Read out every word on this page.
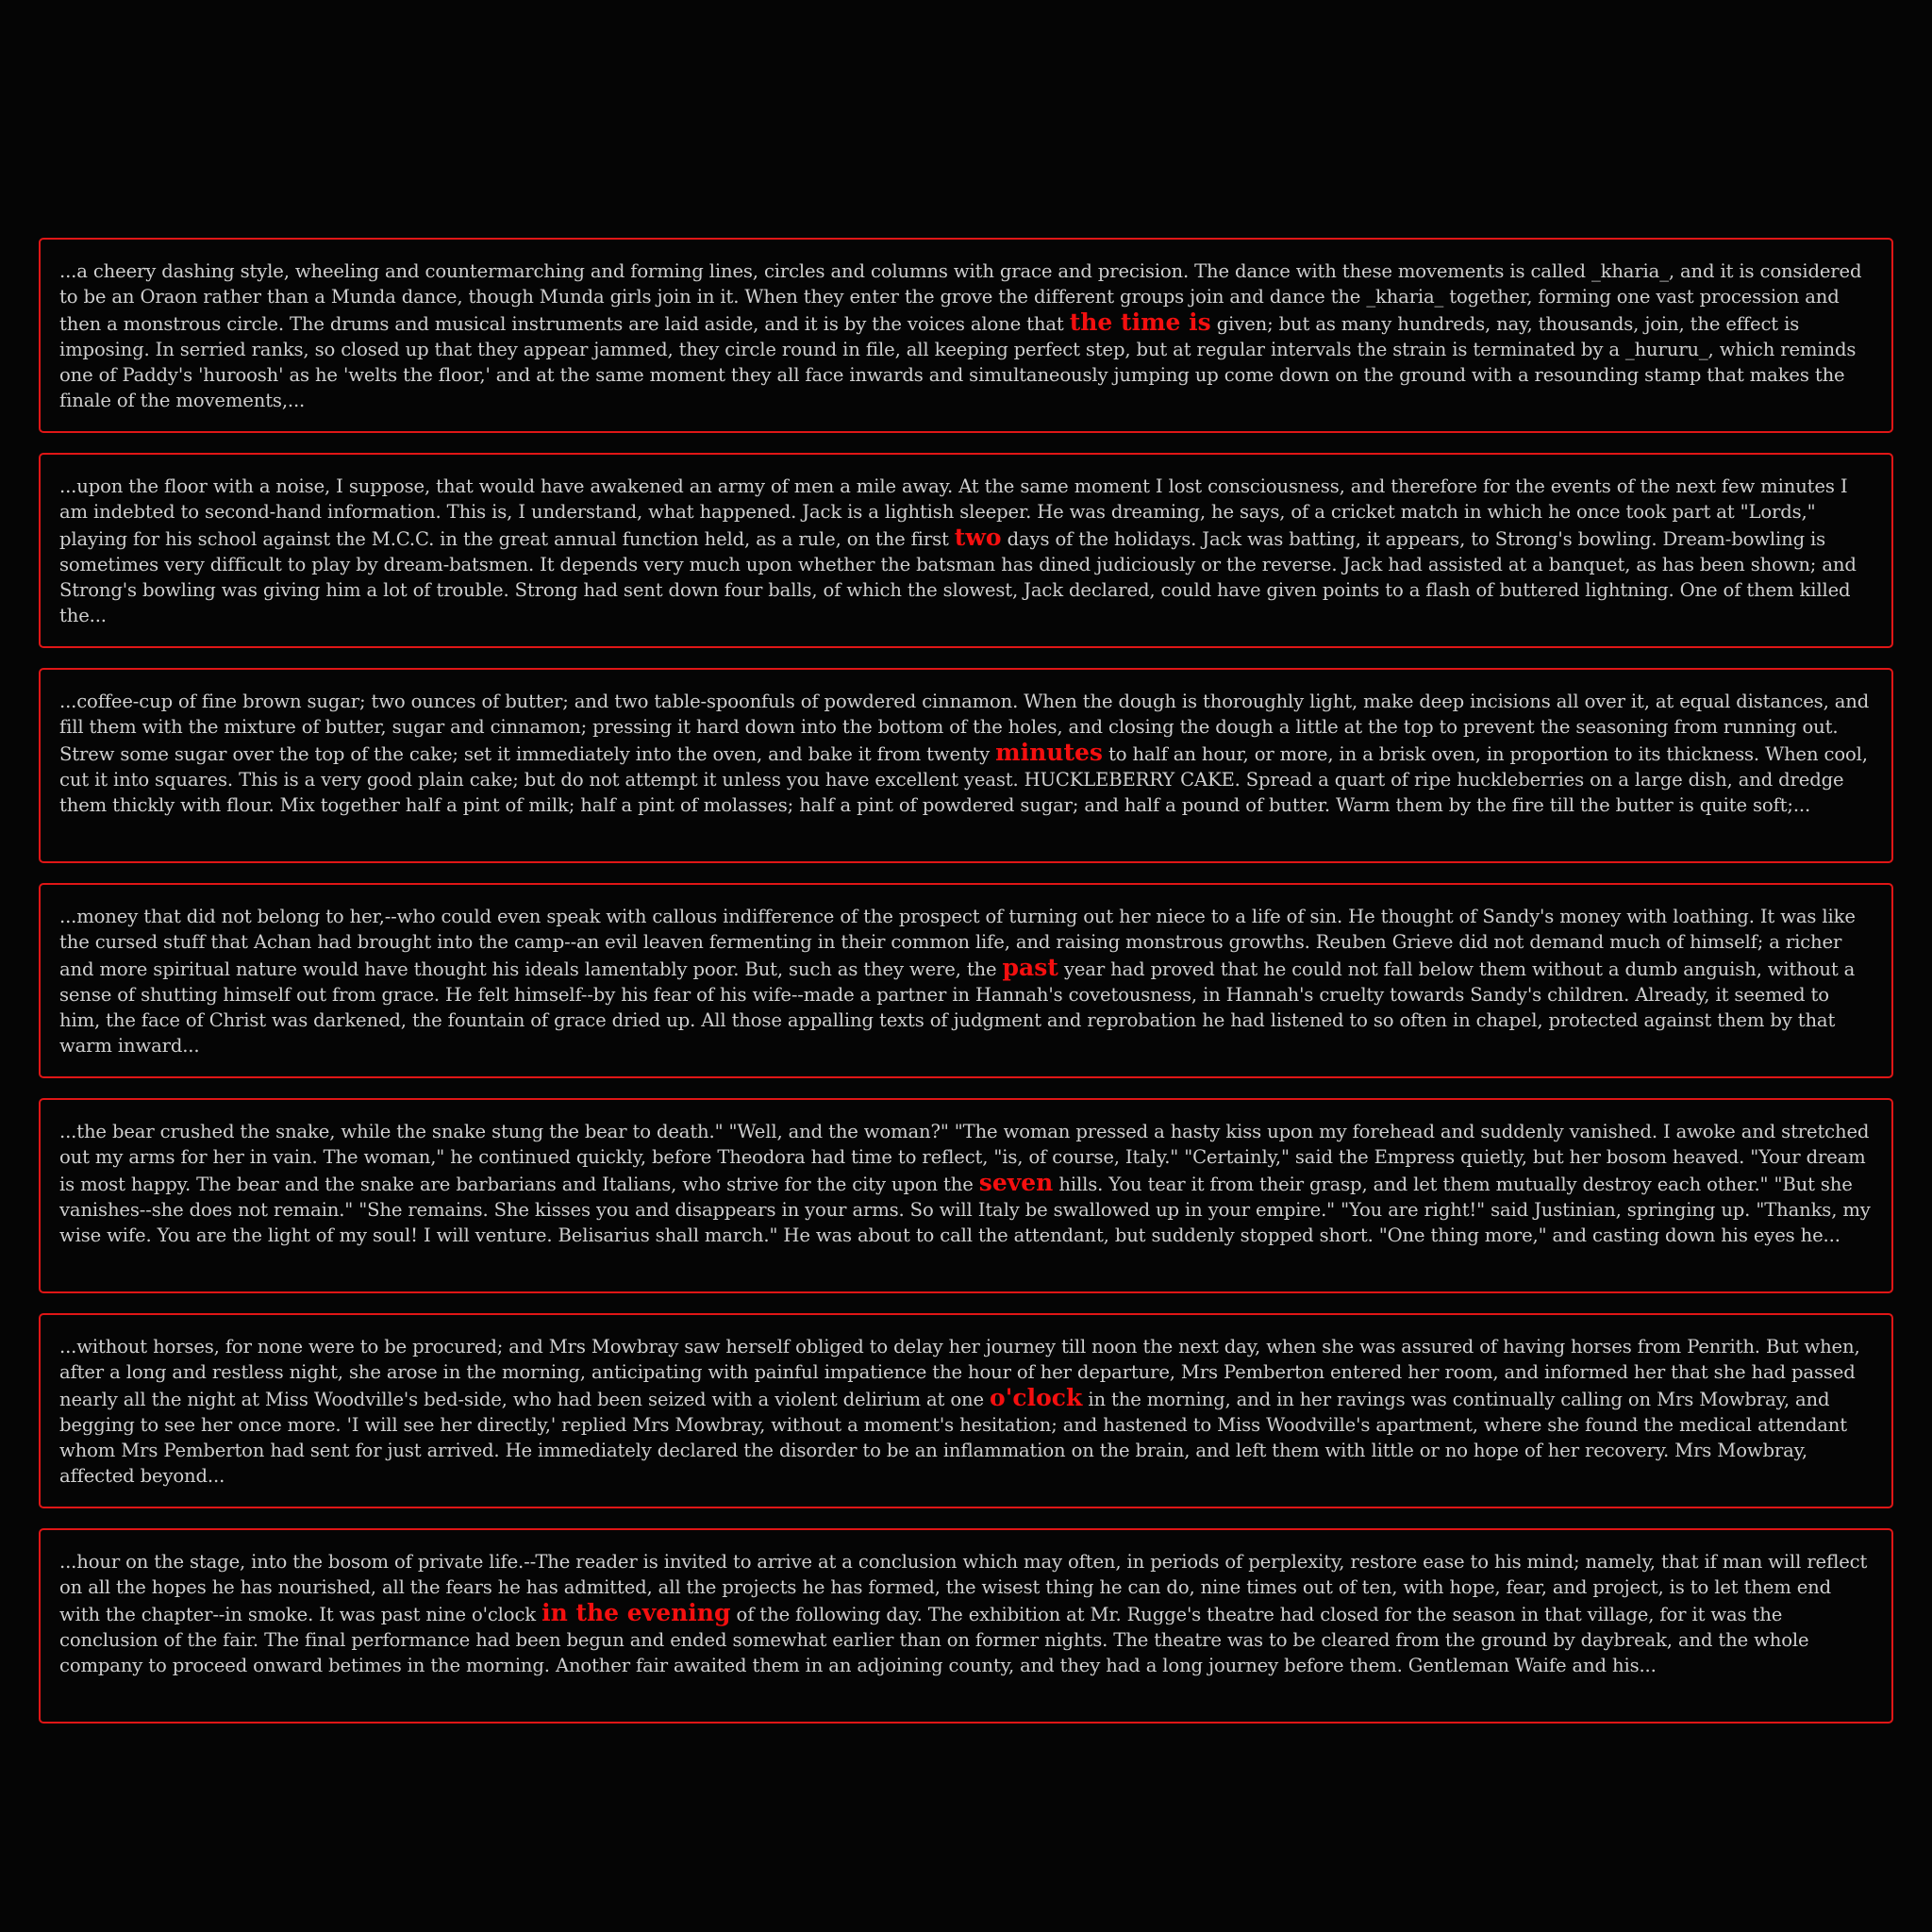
...a cheery dashing style, wheeling and countermarching and forming lines, circles and columns with grace and precision. The dance with these movements is called _kharia_, and it is considered to be an Oraon rather than a Munda dance, though Munda girls join in it. When they enter the grove the different groups join and dance the _kharia_ together, forming one vast procession and then a monstrous circle. The drums and musical instruments are laid aside, and it is by the voices alone that the time is given; but as many hundreds, nay, thousands, join, the effect is imposing. In serried ranks, so closed up that they appear jammed, they circle round in file, all keeping perfect step, but at regular intervals the strain is terminated by a _hururu_, which reminds one of Paddy's 'huroosh' as he 'welts the floor,' and at the same moment they all face inwards and simultaneously jumping up come down on the ground with a resounding stamp that makes the finale of the movements,...

...upon the floor with a noise, I suppose, that would have awakened an army of men a mile away. At the same moment I lost consciousness, and therefore for the events of the next few minutes I am indebted to second-hand information. This is, I understand, what happened. Jack is a lightish sleeper. He was dreaming, he says, of a cricket match in which he once took part at "Lords," playing for his school against the M.C.C. in the great annual function held, as a rule, on the first two days of the holidays. Jack was batting, it appears, to Strong's bowling. Dream-bowling is sometimes very difficult to play by dream-batsmen. It depends very much upon whether the batsman has dined judiciously or the reverse. Jack had assisted at a banquet, as has been shown; and Strong's bowling was giving him a lot of trouble. Strong had sent down four balls, of which the slowest, Jack declared, could have given points to a flash of buttered lightning. One of them killed the...

...coffee-cup of fine brown sugar; two ounces of butter; and two table-spoonfuls of powdered cinnamon. When the dough is thoroughly light, make deep incisions all over it, at equal distances, and fill them with the mixture of butter, sugar and cinnamon; pressing it hard down into the bottom of the holes, and closing the dough a little at the top to prevent the seasoning from running out. Strew some sugar over the top of the cake; set it immediately into the oven, and bake it from twenty minutes to half an hour, or more, in a brisk oven, in proportion to its thickness. When cool, cut it into squares. This is a very good plain cake; but do not attempt it unless you have excellent yeast. HUCKLEBERRY CAKE. Spread a quart of ripe huckleberries on a large dish, and dredge them thickly with flour. Mix together half a pint of milk; half a pint of molasses; half a pint of powdered sugar; and half a pound of butter. Warm them by the fire till the butter is quite soft;...

...money that did not belong to her,--who could even speak with callous indifference of the prospect of turning out her niece to a life of sin. He thought of Sandy's money with loathing. It was like the cursed stuff that Achan had brought into the camp--an evil leaven fermenting in their common life, and raising monstrous growths. Reuben Grieve did not demand much of himself; a richer and more spiritual nature would have thought his ideals lamentably poor. But, such as they were, the past year had proved that he could not fall below them without a dumb anguish, without a sense of shutting himself out from grace. He felt himself--by his fear of his wife--made a partner in Hannah's covetousness, in Hannah's cruelty towards Sandy's children. Already, it seemed to him, the face of Christ was darkened, the fountain of grace dried up. All those appalling texts of judgment and reprobation he had listened to so often in chapel, protected against them by that warm inward...

...the bear crushed the snake, while the snake stung the bear to death." "Well, and the woman?" "The woman pressed a hasty kiss upon my forehead and suddenly vanished. I awoke and stretched out my arms for her in vain. The woman," he continued quickly, before Theodora had time to reflect, "is, of course, Italy." "Certainly," said the Empress quietly, but her bosom heaved. "Your dream is most happy. The bear and the snake are barbarians and Italians, who strive for the city upon the seven hills. You tear it from their grasp, and let them mutually destroy each other." "But she vanishes--she does not remain." "She remains. She kisses you and disappears in your arms. So will Italy be swallowed up in your empire." "You are right!" said Justinian, springing up. "Thanks, my wise wife. You are the light of my soul! I will venture. Belisarius shall march." He was about to call the attendant, but suddenly stopped short. "One thing more," and casting down his eyes he...

...without horses, for none were to be procured; and Mrs Mowbray saw herself obliged to delay her journey till noon the next day, when she was assured of having horses from Penrith. But when, after a long and restless night, she arose in the morning, anticipating with painful impatience the hour of her departure, Mrs Pemberton entered her room, and informed her that she had passed nearly all the night at Miss Woodville's bed-side, who had been seized with a violent delirium at one o'clock in the morning, and in her ravings was continually calling on Mrs Mowbray, and begging to see her once more. 'I will see her directly,' replied Mrs Mowbray, without a moment's hesitation; and hastened to Miss Woodville's apartment, where she found the medical attendant whom Mrs Pemberton had sent for just arrived. He immediately declared the disorder to be an inflammation on the brain, and left them with little or no hope of her recovery. Mrs Mowbray, affected beyond...

...hour on the stage, into the bosom of private life.--The reader is invited to arrive at a conclusion which may often, in periods of perplexity, restore ease to his mind; namely, that if man will reflect on all the hopes he has nourished, all the fears he has admitted, all the projects he has formed, the wisest thing he can do, nine times out of ten, with hope, fear, and project, is to let them end with the chapter--in smoke. It was past nine o'clock in the evening of the following day. The exhibition at Mr. Rugge's theatre had closed for the season in that village, for it was the conclusion of the fair. The final performance had been begun and ended somewhat earlier than on former nights. The theatre was to be cleared from the ground by daybreak, and the whole company to proceed onward betimes in the morning. Another fair awaited them in an adjoining county, and they had a long journey before them. Gentleman Waife and his...
